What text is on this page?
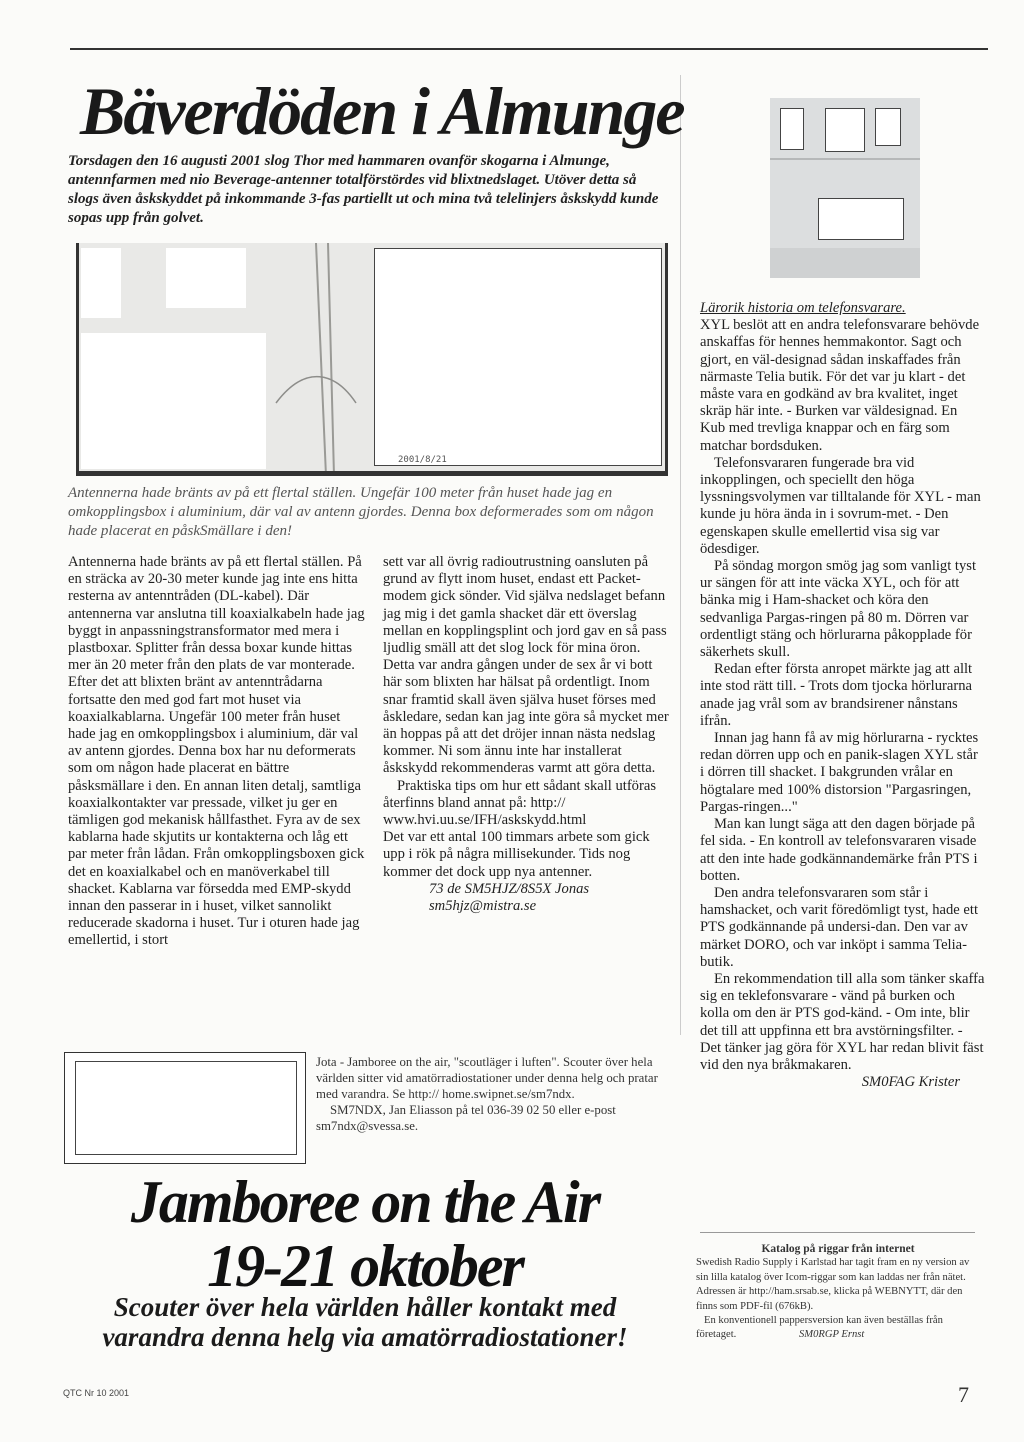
Bäverdöden i Almunge

Torsdagen den 16 augusti 2001 slog Thor med hammaren ovanför skogarna i Almunge, antennfarmen med nio Beverage-antenner totalförstördes vid blixtnedslaget. Utöver detta så slogs även åskskyddet på inkommande 3-fas partiellt ut och mina två telelinjers åskskydd kunde sopas upp från golvet.

2001/8/21

Antennerna hade bränts av på ett flertal ställen. Ungefär 100 meter från huset hade jag en omkopplingsbox i aluminium, där val av antenn gjordes. Denna box deformerades som om någon hade placerat en påskSmällare i den!

Antennerna hade bränts av på ett flertal ställen. På en sträcka av 20-30 meter kunde jag inte ens hitta resterna av antenntråden (DL-kabel). Där antennerna var anslutna till koaxialkabeln hade jag byggt in anpassningstransformator med mera i plastboxar. Splitter från dessa boxar kunde hittas mer än 20 meter från den plats de var monterade. Efter det att blixten bränt av antenntrådarna fortsatte den med god fart mot huset via koaxialkablarna. Ungefär 100 meter från huset hade jag en omkopplingsbox i aluminium, där val av antenn gjordes. Denna box har nu deformerats som om någon hade placerat en bättre påsksmällare i den. En annan liten detalj, samtliga koaxialkontakter var pressade, vilket ju ger en tämligen god mekanisk hållfasthet. Fyra av de sex kablarna hade skjutits ur kontakterna och låg ett par meter från lådan. Från omkopplingsboxen gick det en koaxialkabel och en manöverkabel till shacket. Kablarna var försedda med EMP-skydd innan den passerar in i huset, vilket sannolikt reducerade skadorna i huset. Tur i oturen hade jag emellertid, i stort

sett var all övrig radioutrustning oansluten på grund av flytt inom huset, endast ett Packet-modem gick sönder. Vid själva nedslaget befann jag mig i det gamla shacket där ett överslag mellan en kopplingsplint och jord gav en så pass ljudlig smäll att det slog lock för mina öron.

Detta var andra gången under de sex år vi bott här som blixten har hälsat på ordentligt. Inom snar framtid skall även själva huset förses med åskledare, sedan kan jag inte göra så mycket mer än hoppas på att det dröjer innan nästa nedslag kommer. Ni som ännu inte har installerat åskskydd rekommenderas varmt att göra detta.

Praktiska tips om hur ett sådant skall utföras återfinns bland annat på: http:// www.hvi.uu.se/IFH/askskydd.html

Det var ett antal 100 timmars arbete som gick upp i rök på några millisekunder. Tids nog kommer det dock upp nya antenner.

73 de SM5HJZ/8S5X Jonas

sm5hjz@mistra.se

Lärorik historia om telefonsvarare.

XYL beslöt att en andra telefonsvarare behövde anskaffas för hennes hemmakontor. Sagt och gjort, en väl-designad sådan inskaffades från närmaste Telia butik. För det var ju klart - det måste vara en godkänd av bra kvalitet, inget skräp här inte. - Burken var väldesignad. En Kub med trevliga knappar och en färg som matchar bordsduken.

Telefonsvararen fungerade bra vid inkopplingen, och speciellt den höga lyssningsvolymen var tilltalande för XYL - man kunde ju höra ända in i sovrum-met. - Den egenskapen skulle emellertid visa sig var ödesdiger.

På söndag morgon smög jag som vanligt tyst ur sängen för att inte väcka XYL, och för att bänka mig i Ham-shacket och köra den sedvanliga Pargas-ringen på 80 m. Dörren var ordentligt stäng och hörlurarna påkopplade för säkerhets skull.

Redan efter första anropet märkte jag att allt inte stod rätt till. - Trots dom tjocka hörlurarna anade jag vrål som av brandsirener nånstans ifrån.

Innan jag hann få av mig hörlurarna - rycktes redan dörren upp och en panik-slagen XYL står i dörren till shacket. I bakgrunden vrålar en högtalare med 100% distorsion "Pargasringen, Pargas-ringen..."

Man kan lungt säga att den dagen började på fel sida. - En kontroll av telefonsvararen visade att den inte hade godkännandemärke från PTS i botten.

Den andra telefonsvararen som står i hamshacket, och varit föredömligt tyst, hade ett PTS godkännande på undersi-dan. Den var av märket DORO, och var inköpt i samma Telia-butik.

En rekommendation till alla som tänker skaffa sig en teklefonsvarare - vänd på burken och kolla om den är PTS god-känd. - Om inte, blir det till att uppfinna ett bra avstörningsfilter. - Det tänker jag göra för XYL har redan blivit fäst vid den nya bråkmakaren.

SM0FAG Krister

Jota - Jamboree on the air, "scoutläger i luften". Scouter över hela världen sitter vid amatörradiostationer under denna helg och pratar med varandra. Se http:// home.swipnet.se/sm7ndx.

SM7NDX, Jan Eliasson på tel 036-39 02 50 eller e-post sm7ndx@svessa.se.

Jamboree on the Air
19-21 oktober

Scouter över hela världen håller kontakt med varandra denna helg via amatörradiostationer!

Katalog på riggar från internet
Swedish Radio Supply i Karlstad har tagit fram en ny version av sin lilla katalog över Icom-riggar som kan laddas ner från nätet. Adressen är http://ham.srsab.se, klicka på WEBNYTT, där den finns som PDF-fil (676kB).
En konventionell pappersversion kan även beställas från företaget.	SM0RGP Ernst
QTC Nr 10 2001	7
